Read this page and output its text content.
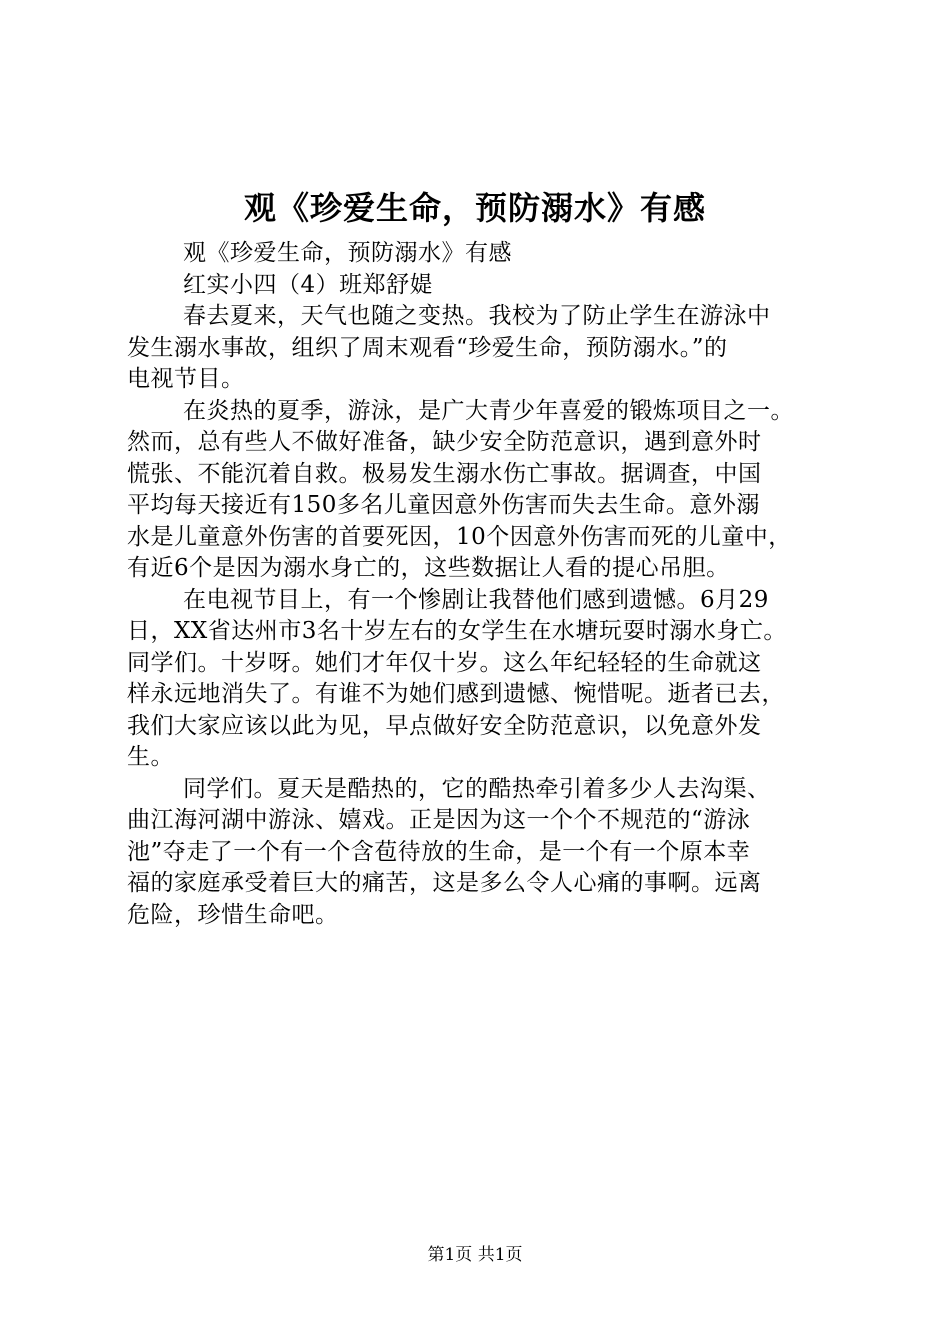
观《珍爱生命，预防溺水》有感
观《珍爱生命，预防溺水》有感
红实小四（4）班郑舒媞
春去夏来，天气也随之变热。我校为了防止学生在游泳中
发生溺水事故，组织了周末观看“珍爱生命，预防溺水。”的
电视节目。
在炎热的夏季，游泳，是广大青少年喜爱的锻炼项目之一。
然而，总有些人不做好准备，缺少安全防范意识，遇到意外时
慌张、不能沉着自救。极易发生溺水伤亡事故。据调查，中国
平均每天接近有150多名儿童因意外伤害而失去生命。意外溺
水是儿童意外伤害的首要死因，10个因意外伤害而死的儿童中，
有近6个是因为溺水身亡的，这些数据让人看的提心吊胆。
在电视节目上，有一个惨剧让我替他们感到遗憾。6月29
日，XX省达州市3名十岁左右的女学生在水塘玩耍时溺水身亡。
同学们。十岁呀。她们才年仅十岁。这么年纪轻轻的生命就这
样永远地消失了。有谁不为她们感到遗憾、惋惜呢。逝者已去，
我们大家应该以此为见，早点做好安全防范意识，以免意外发
生。
同学们。夏天是酷热的，它的酷热牵引着多少人去沟渠、
曲江海河湖中游泳、嬉戏。正是因为这一个个不规范的“游泳
池”夺走了一个有一个含苞待放的生命，是一个有一个原本幸
福的家庭承受着巨大的痛苦，这是多么令人心痛的事啊。远离
危险，珍惜生命吧。
第1页 共1页
